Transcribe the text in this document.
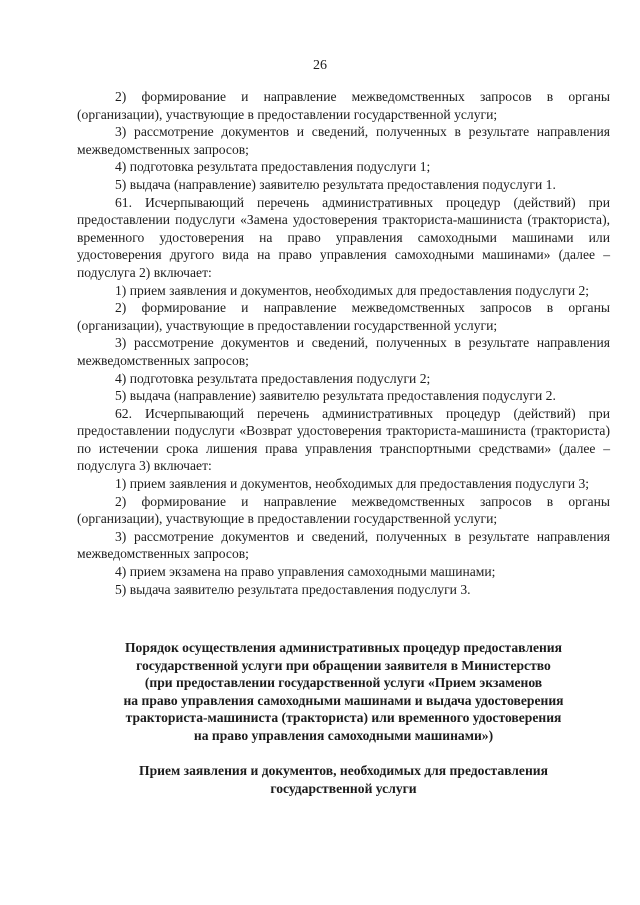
26

2) формирование и направление межведомственных запросов в органы (организации), участвующие в предоставлении государственной услуги;

3) рассмотрение документов и сведений, полученных в результате направления межведомственных запросов;

4) подготовка результата предоставления подуслуги 1;

5) выдача (направление) заявителю результата предоставления подуслуги 1.

61. Исчерпывающий перечень административных процедур (действий) при предоставлении подуслуги «Замена удостоверения тракториста-машиниста (тракториста), временного удостоверения на право управления самоходными машинами или удостоверения другого вида на право управления самоходными машинами» (далее – подуслуга 2) включает:

1) прием заявления и документов, необходимых для предоставления подуслуги 2;

2) формирование и направление межведомственных запросов в органы (организации), участвующие в предоставлении государственной услуги;

3) рассмотрение документов и сведений, полученных в результате направления межведомственных запросов;

4) подготовка результата предоставления подуслуги 2;

5) выдача (направление) заявителю результата предоставления подуслуги 2.

62. Исчерпывающий перечень административных процедур (действий) при предоставлении подуслуги «Возврат удостоверения тракториста-машиниста (тракториста) по истечении срока лишения права управления транспортными средствами» (далее – подуслуга 3) включает:

1) прием заявления и документов, необходимых для предоставления подуслуги 3;

2) формирование и направление межведомственных запросов в органы (организации), участвующие в предоставлении государственной услуги;

3) рассмотрение документов и сведений, полученных в результате направления межведомственных запросов;

4) прием экзамена на право управления самоходными машинами;

5) выдача заявителю результата предоставления подуслуги 3.

Порядок осуществления административных процедур предоставления

государственной услуги при обращении заявителя в Министерство

(при предоставлении государственной услуги «Прием экзаменов

на право управления самоходными машинами и выдача удостоверения

тракториста-машиниста (тракториста) или временного удостоверения

на право управления самоходными машинами»)

Прием заявления и документов, необходимых для предоставления

государственной услуги
